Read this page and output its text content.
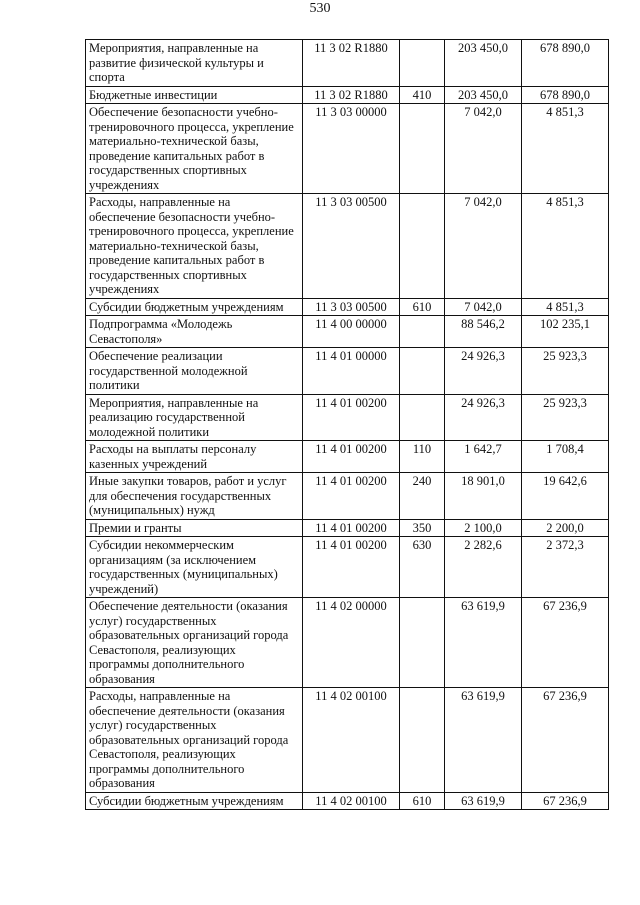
530
Мероприятия, направленные на развитие физической культуры и спорта	11 3 02 R1880		203 450,0	678 890,0
Бюджетные инвестиции	11 3 02 R1880	410	203 450,0	678 890,0
Обеспечение безопасности учебно-тренировочного процесса, укрепление материально-технической базы, проведение капитальных работ в государственных спортивных учреждениях	11 3 03 00000		7 042,0	4 851,3
Расходы, направленные на обеспечение безопасности учебно-тренировочного процесса, укрепление материально-технической базы, проведение капитальных работ в государственных спортивных учреждениях	11 3 03 00500		7 042,0	4 851,3
Субсидии бюджетным учреждениям	11 3 03 00500	610	7 042,0	4 851,3
Подпрограмма «Молодежь Севастополя»	11 4 00 00000		88 546,2	102 235,1
Обеспечение реализации государственной молодежной политики	11 4 01 00000		24 926,3	25 923,3
Мероприятия, направленные на реализацию государственной молодежной политики	11 4 01 00200		24 926,3	25 923,3
Расходы на выплаты персоналу казенных учреждений	11 4 01 00200	110	1 642,7	1 708,4
Иные закупки товаров, работ и услуг для обеспечения государственных (муниципальных) нужд	11 4 01 00200	240	18 901,0	19 642,6
Премии и гранты	11 4 01 00200	350	2 100,0	2 200,0
Субсидии некоммерческим организациям (за исключением государственных (муниципальных) учреждений)	11 4 01 00200	630	2 282,6	2 372,3
Обеспечение деятельности (оказания услуг) государственных образовательных организаций города Севастополя, реализующих программы дополнительного образования	11 4 02 00000		63 619,9	67 236,9
Расходы, направленные на обеспечение деятельности (оказания услуг) государственных образовательных организаций города Севастополя, реализующих программы дополнительного образования	11 4 02 00100		63 619,9	67 236,9
Субсидии бюджетным учреждениям	11 4 02 00100	610	63 619,9	67 236,9
